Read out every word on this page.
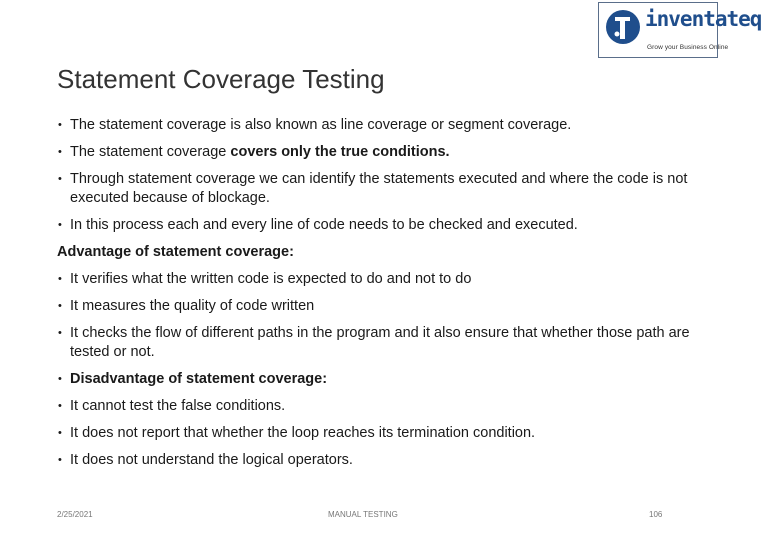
inventateq
Grow your Business Online
Statement Coverage Testing
• The statement coverage is also known as line coverage or segment coverage.
• The statement coverage covers only the true conditions.
• Through statement coverage we can identify the statements executed and where the code is not executed because of blockage.
• In this process each and every line of code needs to be checked and executed.
Advantage of statement coverage:
• It verifies what the written code is expected to do and not to do
• It measures the quality of code written
• It checks the flow of different paths in the program and it also ensure that whether those path are tested or not.
• Disadvantage of statement coverage:
• It cannot test the false conditions.
• It does not report that whether the loop reaches its termination condition.
• It does not understand the logical operators.
2/25/2021	MANUAL TESTING	106
